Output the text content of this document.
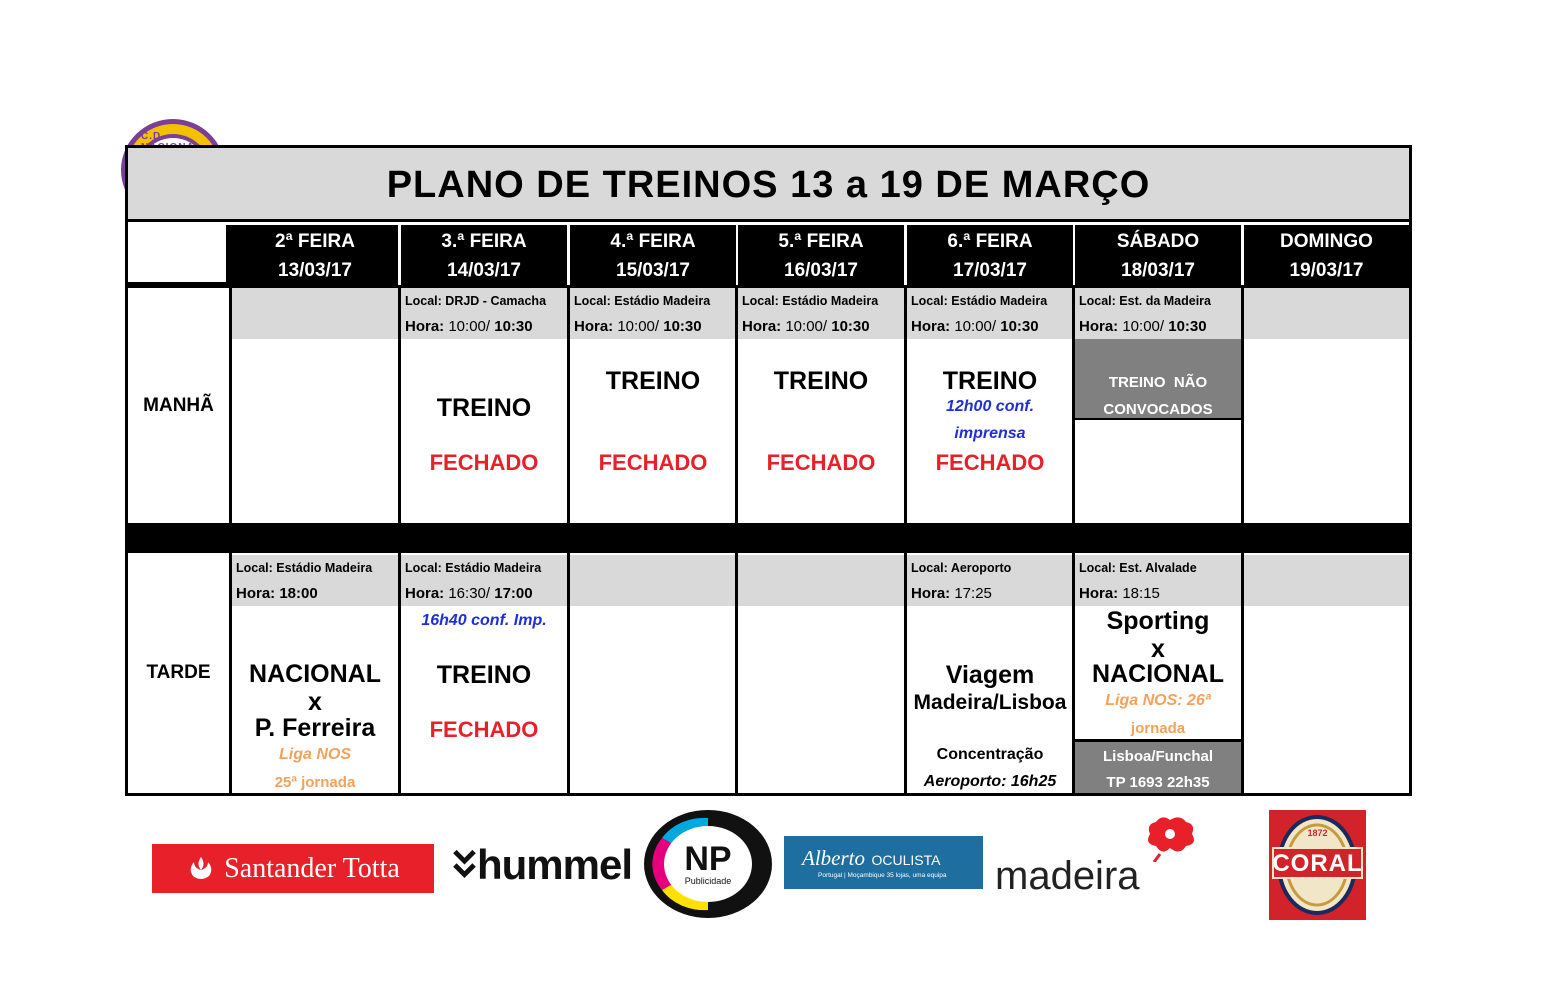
C.D.
PLANO DE TREINOS 13 a 19 DE MARÇO
2ª FEIRA
13/03/17
3.ª FEIRA
14/03/17
4.ª FEIRA
15/03/17
5.ª FEIRA
16/03/17
6.ª FEIRA
17/03/17
SÁBADO
18/03/17
DOMINGO
19/03/17
MANHÃ
TARDE
Local: DRJD - Camacha
Hora: 10:00/ 10:30
TREINO
FECHADO
Local: Estádio Madeira
Hora: 10:00/ 10:30
TREINO
FECHADO
Local: Estádio Madeira
Hora: 10:00/ 10:30
TREINO
FECHADO
Local: Estádio Madeira
Hora: 10:00/ 10:30
TREINO
12h00 conf.
imprensa
FECHADO
Local: Est. da Madeira
Hora: 10:00/ 10:30
TREINO  NÃO
CONVOCADOS
Local: Estádio Madeira
Hora: 18:00
NACIONAL
x
P. Ferreira
Liga NOS
25ª jornada
Local: Estádio Madeira
Hora: 16:30/ 17:00
16h40 conf. Imp.
TREINO
FECHADO
Local: Aeroporto
Hora: 17:25
Viagem
Madeira/Lisboa
Concentração
Aeroporto: 16h25
Local: Est. Alvalade
Hora: 18:15
Sporting
x
NACIONAL
Liga NOS: 26ª
jornada
Lisboa/Funchal
TP 1693 22h35
Santander Totta hummel	NP
Publicidade
Alberto OCULISTA
Portugal | Moçambique 35 lojas, uma equipa madeira
1872
CORAL
